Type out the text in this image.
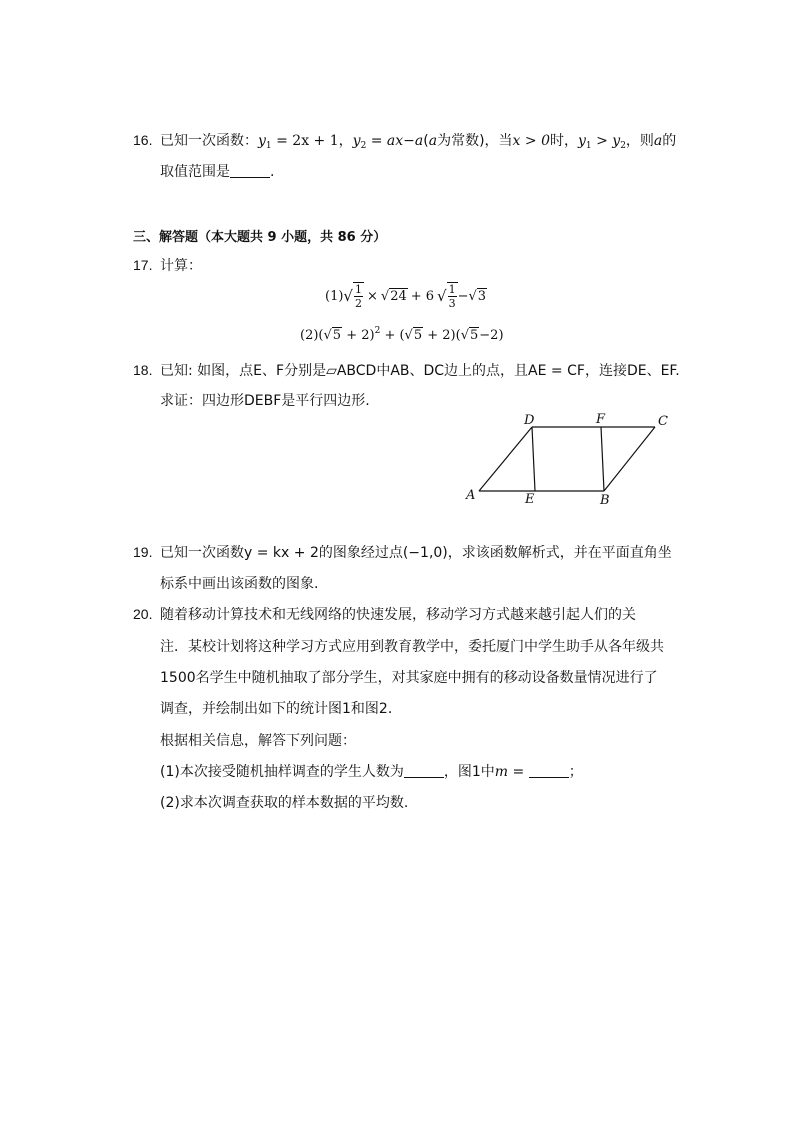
16. 已知一次函数：$y_1 = 2x + 1$，$y_2 = ax-a(a$为常数)，当x > 0时，$y_1 > y_2$，则a的
取值范围是	.
三、解答题（本大题共 9 小题，共 86 分）
17. 计算：
(1) √ $\frac{1}{2}$ × √ 24 + 6 √ $\frac{1}{3}$ − √ 3
$(2)(√5 + 2)^2 + (√5 + 2)(√5-2)$
18. 已知: 如图，点E、F分别是▱ABCD中AB、DC边上的点，且AE = CF，连接DE、EF.
求证：四边形DEBF是平行四边形.
A	B
C
D
E
F
19. 已知一次函数y = kx + 2的图象经过点(−1,0)，求该函数解析式，并在平面直角坐
标系中画出该函数的图象.
20. 随着移动计算技术和无线网络的快速发展，移动学习方式越来越引起人们的关
注．某校计划将这种学习方式应用到教育教学中，委托厦门中学生助手从各年级共
1500名学生中随机抽取了部分学生，对其家庭中拥有的移动设备数量情况进行了
调查，并绘制出如下的统计图1和图2．
根据相关信息，解答下列问题：
(1)本次接受随机抽样调查的学生人数为	，图1中m =	；
(2)求本次调查获取的样本数据的平均数.
